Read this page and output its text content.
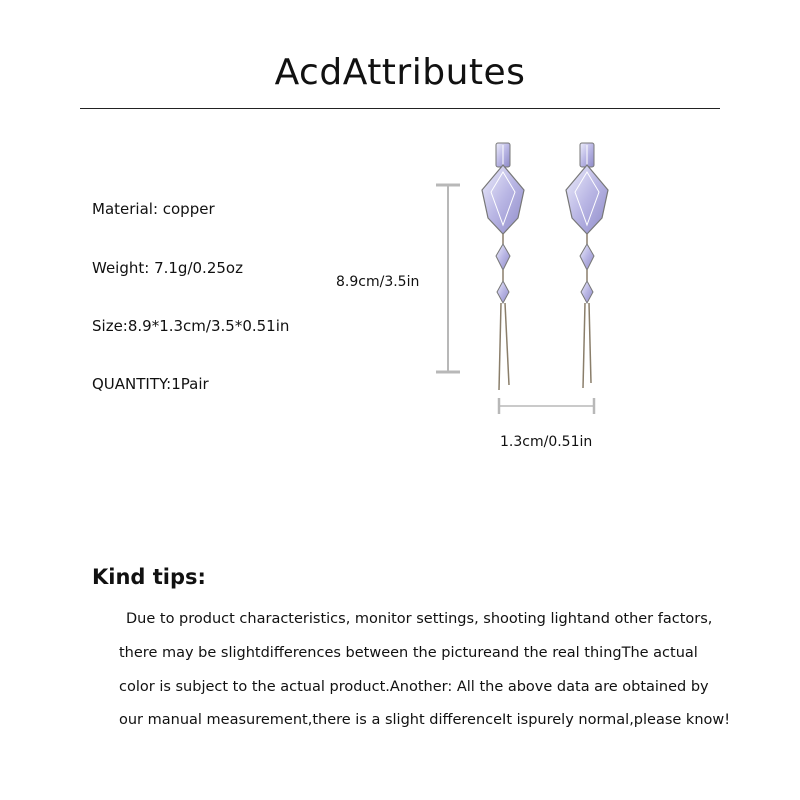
AcdAttributes
Material: copper
Weight: 7.1g/0.25oz
Size:8.9*1.3cm/3.5*0.51in
QUANTITY:1Pair
8.9cm/3.5in
1.3cm/0.51in
Kind tips:
Due to product characteristics, monitor settings, shooting lightand other factors,
there may be slightdifferences between the pictureand the real thingThe actual
color is subject to the actual product.Another: All the above data are obtained by
our manual measurement,there is a slight differenceIt ispurely normal,please know!
